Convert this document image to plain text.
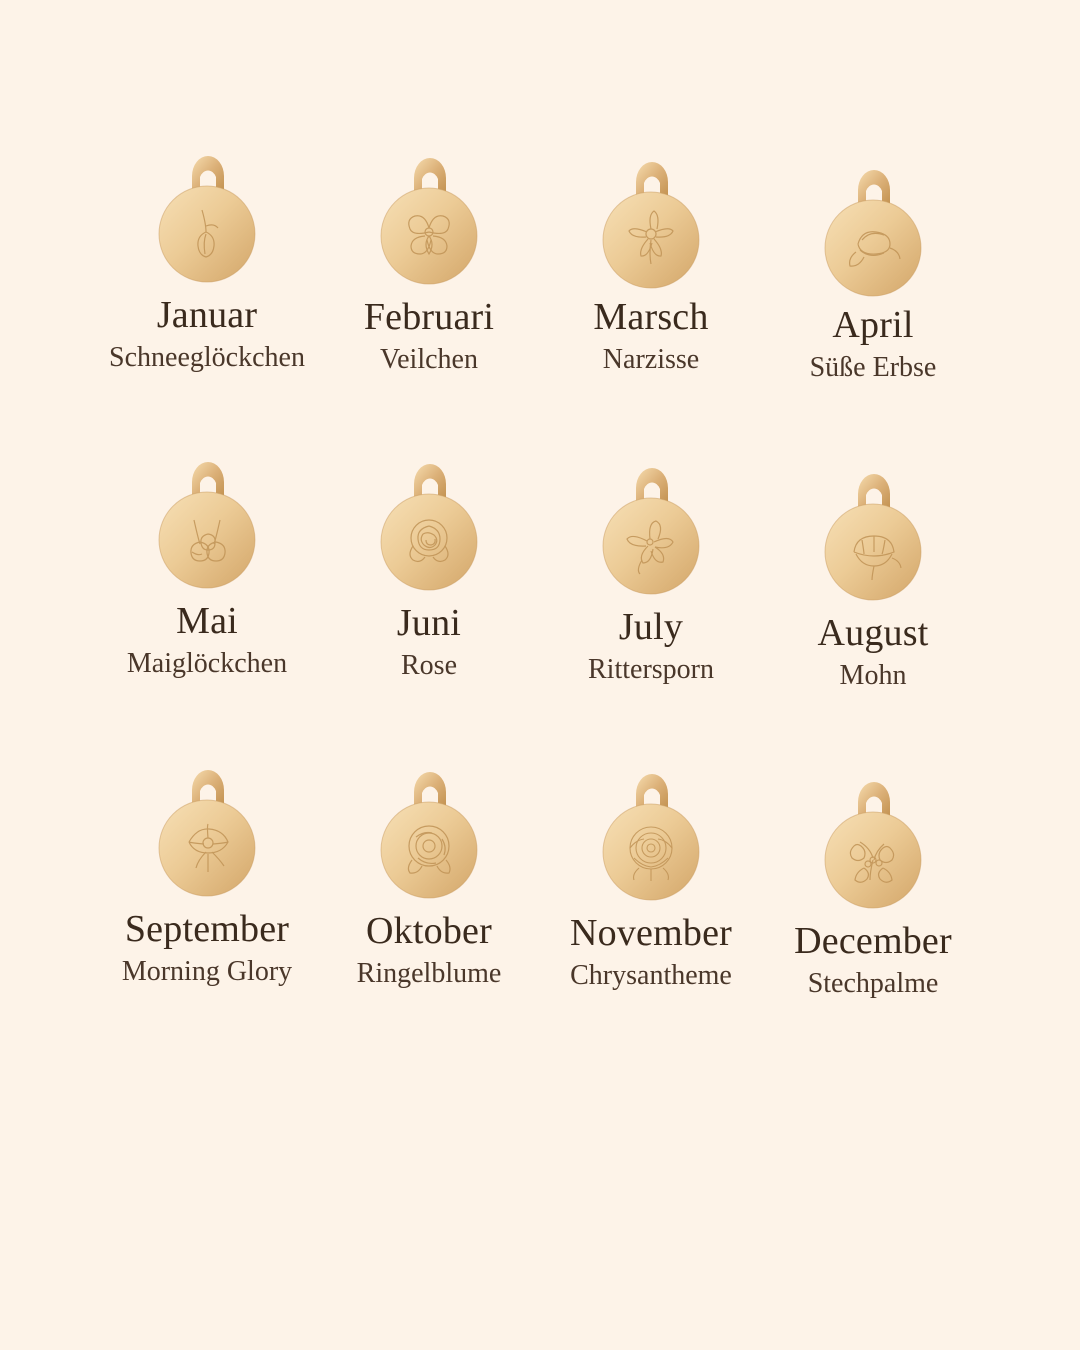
Januar
Schneeglöckchen
Februari
Veilchen
Marsch
Narzisse
April
Süße Erbse
Mai
Maiglöckchen
Juni
Rose
July
Rittersporn
August
Mohn
September
Morning Glory
Oktober
Ringelblume
November
Chrysantheme
December
Stechpalme
